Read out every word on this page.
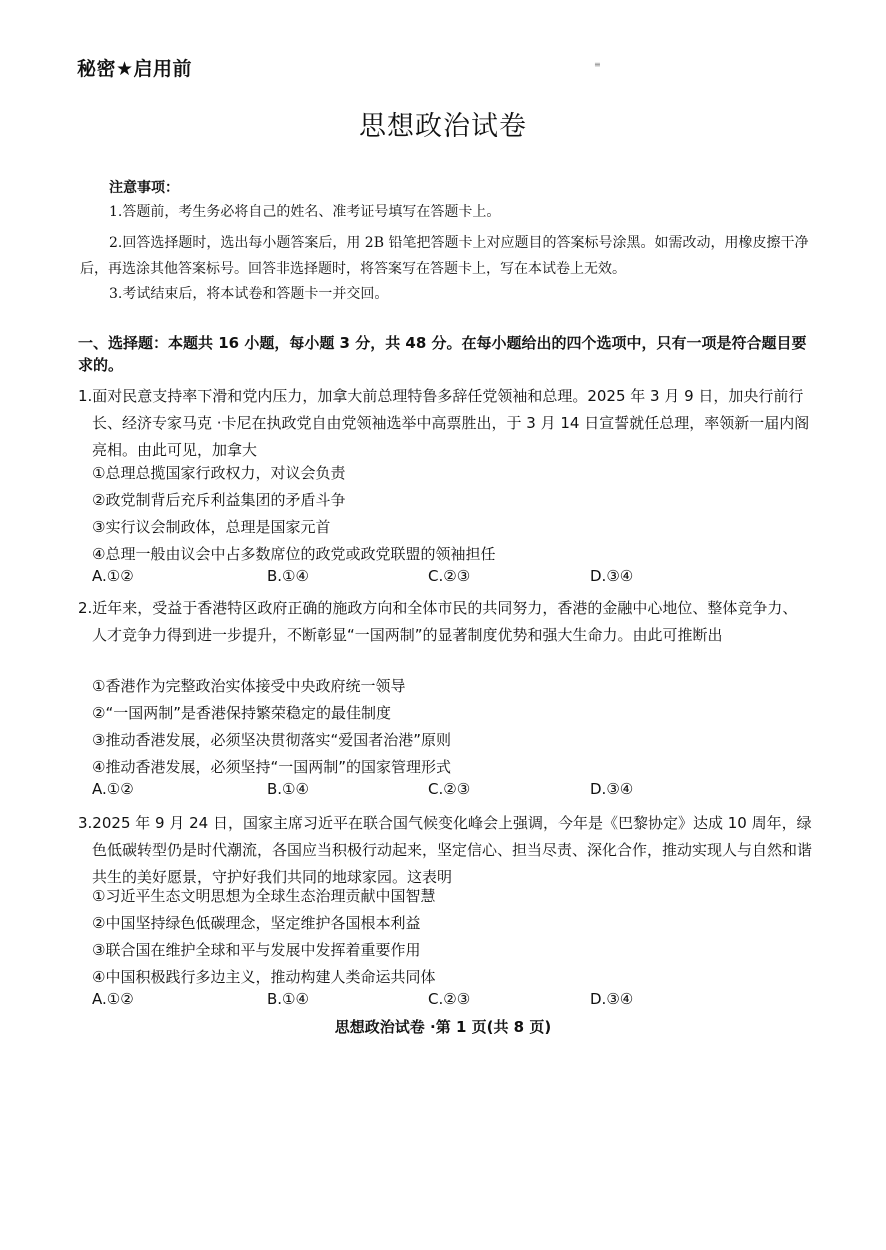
秘密★启用前	≡
思想政治试卷
注意事项：
1.答题前，考生务必将自己的姓名、准考证号填写在答题卡上。
2.回答选择题时，选出每小题答案后，用 2B 铅笔把答题卡上对应题目的答案标号涂黑。如需改动，用橡皮擦干净后，再选涂其他答案标号。回答非选择题时，将答案写在答题卡上，写在本试卷上无效。
3.考试结束后，将本试卷和答题卡一并交回。
一、选择题：本题共 16 小题，每小题 3 分，共 48 分。在每小题给出的四个选项中，只有一项是符合题目要求的。
1.面对民意支持率下滑和党内压力，加拿大前总理特鲁多辞任党领袖和总理。2025 年 3 月 9 日，加央行前行长、经济专家马克 ·卡尼在执政党自由党领袖选举中高票胜出，于 3 月 14 日宣誓就任总理，率领新一届内阁亮相。由此可见，加拿大
①总理总揽国家行政权力，对议会负责
②政党制背后充斥利益集团的矛盾斗争
③实行议会制政体，总理是国家元首
④总理一般由议会中占多数席位的政党或政党联盟的领袖担任
A.①②	B.①④	C.②③	D.③④
2.近年来，受益于香港特区政府正确的施政方向和全体市民的共同努力，香港的金融中心地位、整体竞争力、人才竞争力得到进一步提升，不断彰显“一国两制”的显著制度优势和强大生命力。由此可推断出
①香港作为完整政治实体接受中央政府统一领导
②“一国两制”是香港保持繁荣稳定的最佳制度
③推动香港发展，必须坚决贯彻落实“爱国者治港”原则
④推动香港发展，必须坚持“一国两制”的国家管理形式
A.①②	B.①④	C.②③	D.③④
3.2025 年 9 月 24 日，国家主席习近平在联合国气候变化峰会上强调，今年是《巴黎协定》达成 10 周年，绿色低碳转型仍是时代潮流，各国应当积极行动起来，坚定信心、担当尽责、深化合作，推动实现人与自然和谐共生的美好愿景，守护好我们共同的地球家园。这表明
①习近平生态文明思想为全球生态治理贡献中国智慧
②中国坚持绿色低碳理念，坚定维护各国根本利益
③联合国在维护全球和平与发展中发挥着重要作用
④中国积极践行多边主义，推动构建人类命运共同体
A.①②	B.①④	C.②③	D.③④
思想政治试卷 ·第 1 页(共 8 页)
